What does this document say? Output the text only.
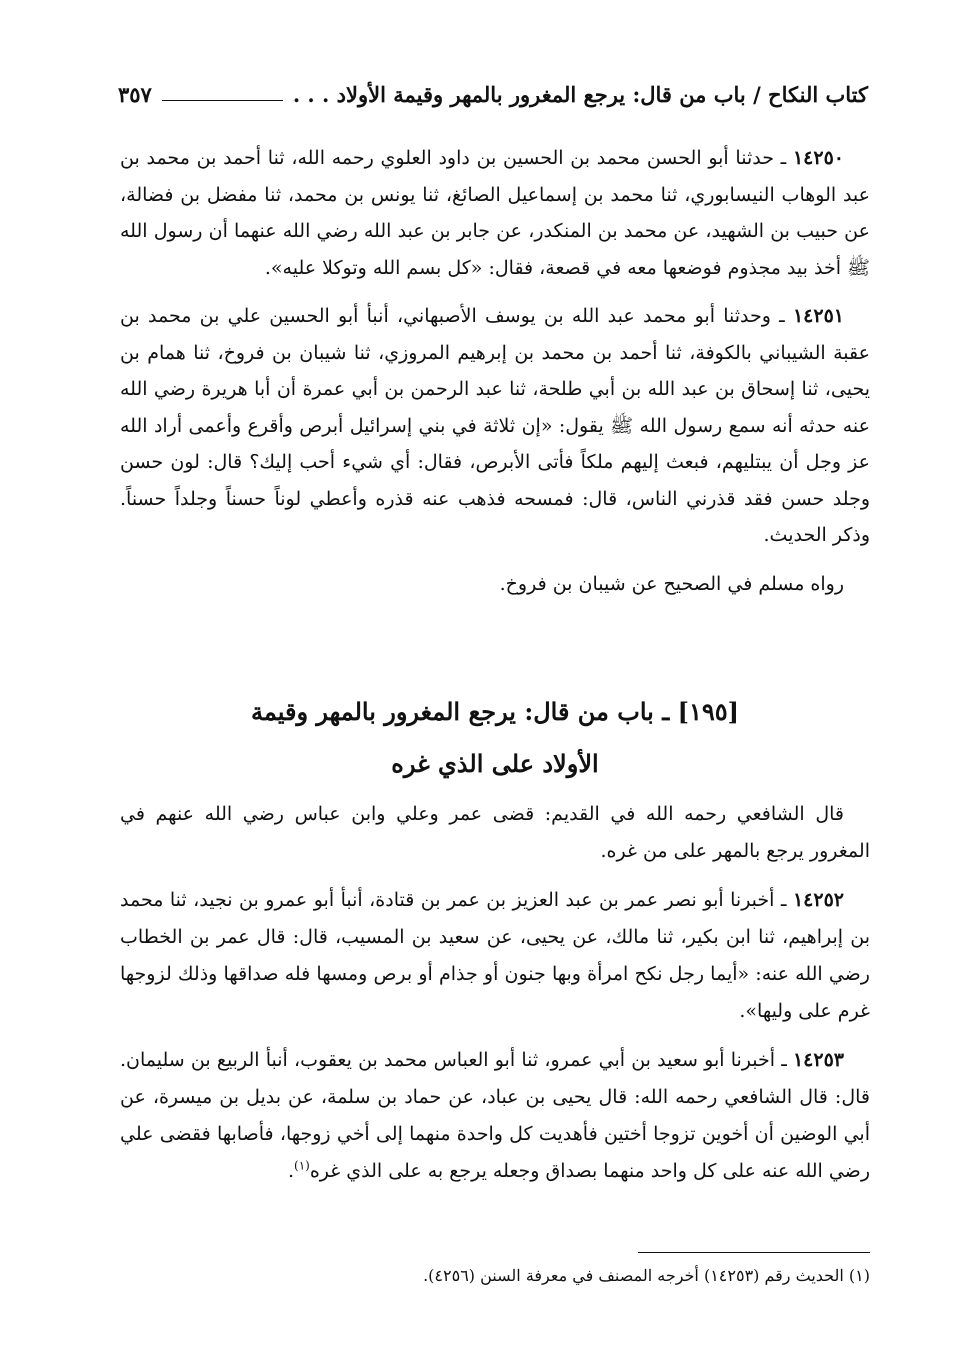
كتاب النكاح / باب من قال: يرجع المغرور بالمهر وقيمة الأولاد . . .
٣٥٧

١٤٢٥٠ ـ حدثنا أبو الحسن محمد بن الحسين بن داود العلوي رحمه الله، ثنا أحمد بن محمد بن عبد الوهاب النيسابوري، ثنا محمد بن إسماعيل الصائغ، ثنا يونس بن محمد، ثنا مفضل بن فضالة، عن حبيب بن الشهيد، عن محمد بن المنكدر، عن جابر بن عبد الله رضي الله عنهما أن رسول الله ﷺ أخذ بيد مجذوم فوضعها معه في قصعة، فقال: «كل بسم الله وتوكلا عليه».

١٤٢٥١ ـ وحدثنا أبو محمد عبد الله بن يوسف الأصبهاني، أنبأ أبو الحسين علي بن محمد بن عقبة الشيباني بالكوفة، ثنا أحمد بن محمد بن إبرهيم المروزي، ثنا شيبان بن فروخ، ثنا همام بن يحيى، ثنا إسحاق بن عبد الله بن أبي طلحة، ثنا عبد الرحمن بن أبي عمرة أن أبا هريرة رضي الله عنه حدثه أنه سمع رسول الله ﷺ يقول: «إن ثلاثة في بني إسرائيل أبرص وأقرع وأعمى أراد الله عز وجل أن يبتليهم، فبعث إليهم ملكاً فأتى الأبرص، فقال: أي شيء أحب إليك؟ قال: لون حسن وجلد حسن فقد قذرني الناس، قال: فمسحه فذهب عنه قذره وأعطي لوناً حسناً وجلداً حسناً. وذكر الحديث.

رواه مسلم في الصحيح عن شيبان بن فروخ.

[١٩٥] ـ باب من قال: يرجع المغرور بالمهر وقيمة
الأولاد على الذي غره

قال الشافعي رحمه الله في القديم: قضى عمر وعلي وابن عباس رضي الله عنهم في المغرور يرجع بالمهر على من غره.

١٤٢٥٢ ـ أخبرنا أبو نصر عمر بن عبد العزيز بن عمر بن قتادة، أنبأ أبو عمرو بن نجيد، ثنا محمد بن إبراهيم، ثنا ابن بكير، ثنا مالك، عن يحيى، عن سعيد بن المسيب، قال: قال عمر بن الخطاب رضي الله عنه: «أيما رجل نكح امرأة وبها جنون أو جذام أو برص ومسها فله صداقها وذلك لزوجها غرم على وليها».

١٤٢٥٣ ـ أخبرنا أبو سعيد بن أبي عمرو، ثنا أبو العباس محمد بن يعقوب، أنبأ الربيع بن سليمان. قال: قال الشافعي رحمه الله: قال يحيى بن عباد، عن حماد بن سلمة، عن بديل بن ميسرة، عن أبي الوضين أن أخوين تزوجا أختين فأهديت كل واحدة منهما إلى أخي زوجها، فأصابها فقضى علي رضي الله عنه على كل واحد منهما بصداق وجعله يرجع به على الذي غره$^{(١)}$.

(١) الحديث رقم (١٤٢٥٣) أخرجه المصنف في معرفة السنن (٤٢٥٦).
